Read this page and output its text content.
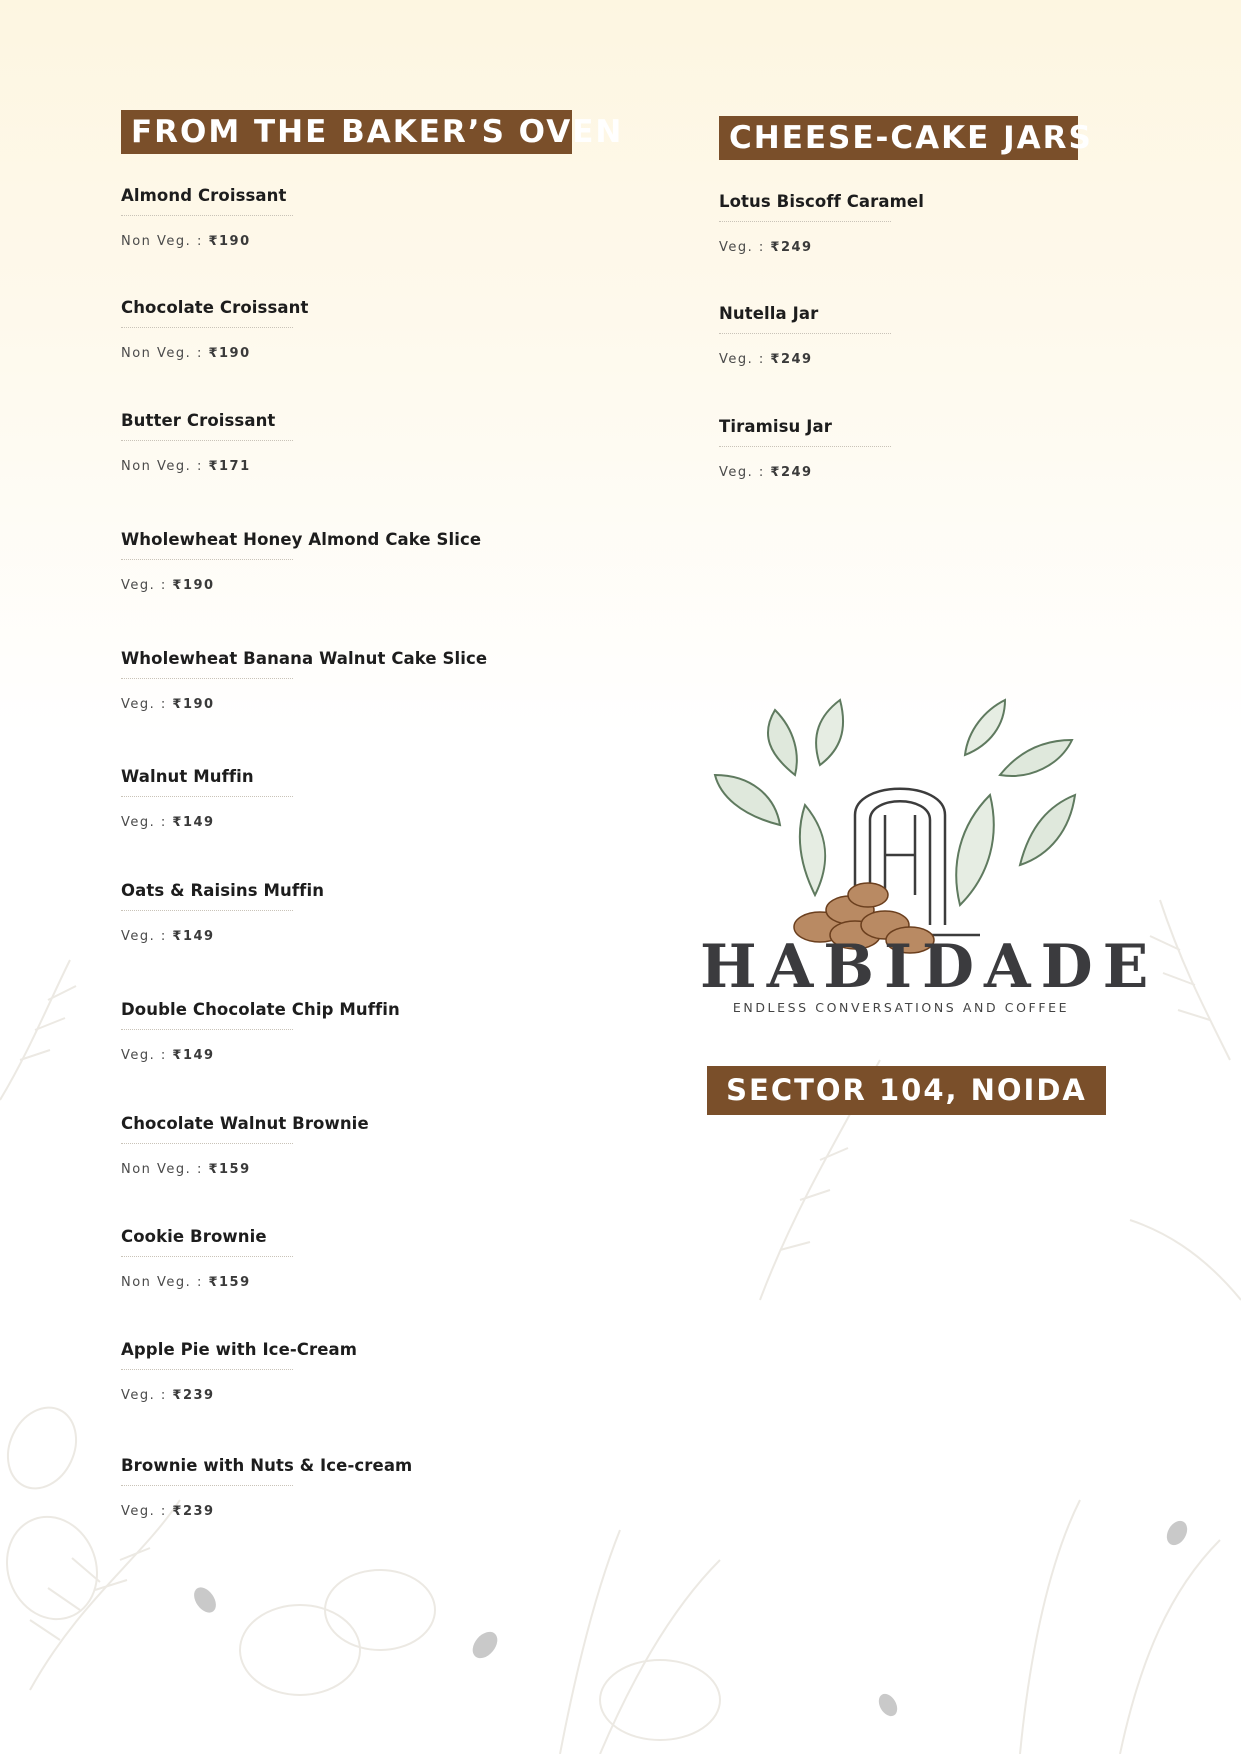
FROM THE BAKER’S OVEN	CHEESE-CAKE JARS
Almond Croissant
Non Veg. : ₹190
Chocolate Croissant
Non Veg. : ₹190
Butter Croissant
Non Veg. : ₹171
Wholewheat Honey Almond Cake Slice
Veg. : ₹190
Wholewheat Banana Walnut Cake Slice
Veg. : ₹190
Walnut Muffin
Veg. : ₹149
Oats & Raisins Muffin
Veg. : ₹149
Double Chocolate Chip Muffin
Veg. : ₹149
Chocolate Walnut Brownie
Non Veg. : ₹159
Cookie Brownie
Non Veg. : ₹159
Apple Pie with Ice-Cream
Veg. : ₹239
Brownie with Nuts & Ice-cream
Veg. : ₹239
Lotus Biscoff Caramel
Veg. : ₹249
Nutella Jar
Veg. : ₹249
Tiramisu Jar
Veg. : ₹249
HABIDADE
ENDLESS CONVERSATIONS AND COFFEE
SECTOR 104, NOIDA
